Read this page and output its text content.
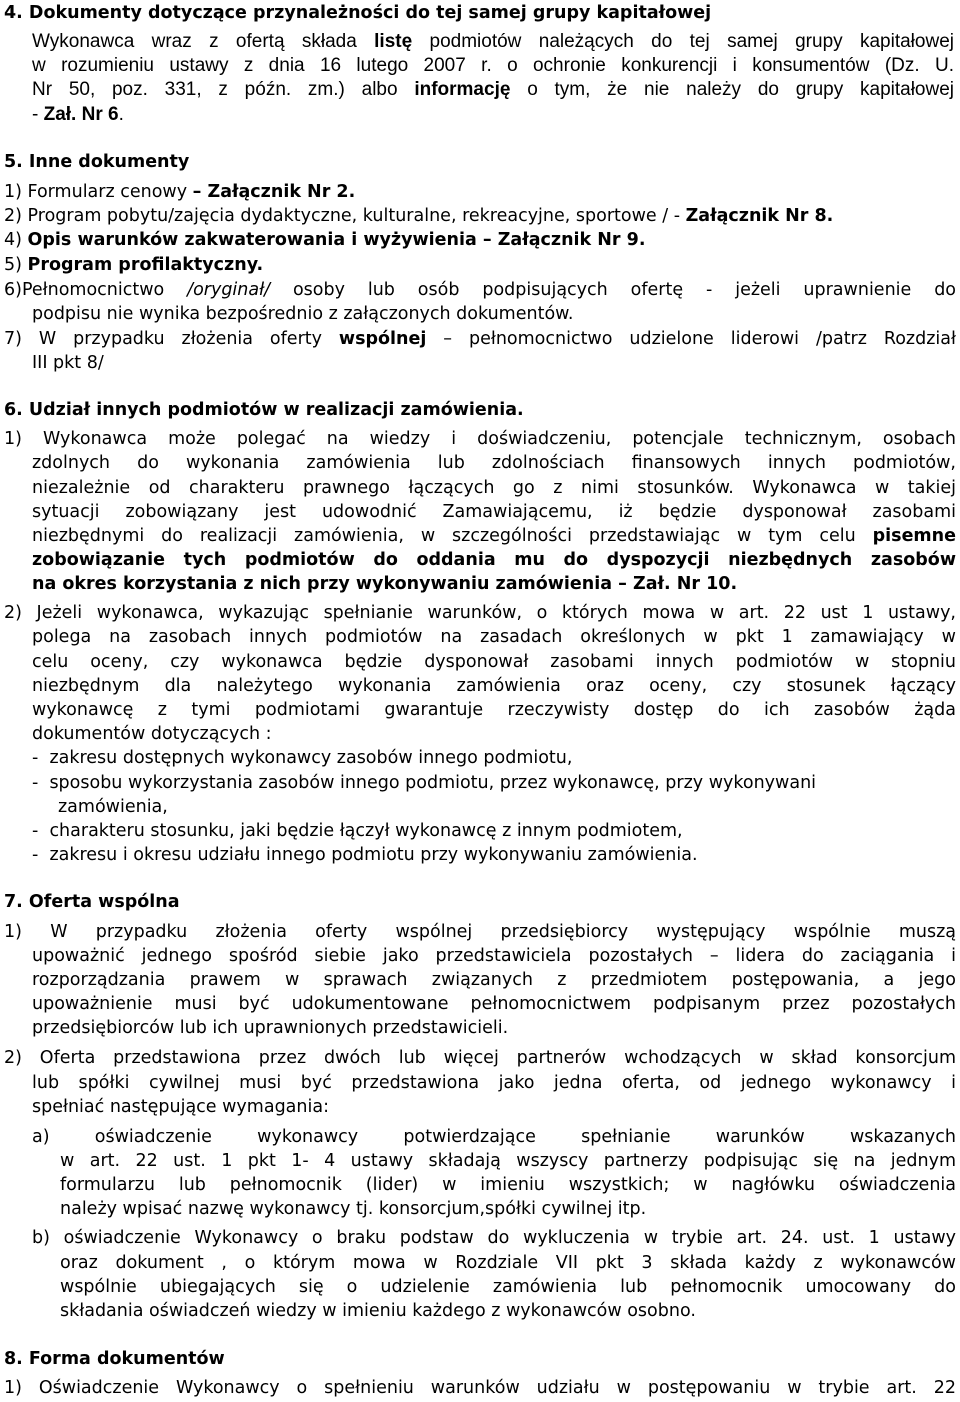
4. Dokumenty dotyczące przynależności do tej samej grupy kapitałowej
Wykonawca wraz z ofertą składa listę podmiotów należących do tej samej grupy kapitałowej
w rozumieniu ustawy z dnia 16 lutego 2007 r. o ochronie konkurencji i konsumentów (Dz. U.
Nr 50, poz. 331, z późn. zm.) albo informację o tym, że nie należy do grupy kapitałowej
- Zał. Nr 6.
5. Inne dokumenty
1) Formularz cenowy – Załącznik Nr 2.
2) Program pobytu/zajęcia dydaktyczne, kulturalne, rekreacyjne, sportowe / - Załącznik Nr 8.
4) Opis warunków zakwaterowania i wyżywienia – Załącznik Nr 9.
5) Program profilaktyczny.
6)Pełnomocnictwo /oryginał/ osoby lub osób podpisujących ofertę - jeżeli uprawnienie do
podpisu nie wynika bezpośrednio z załączonych dokumentów.
7) W przypadku złożenia oferty wspólnej – pełnomocnictwo udzielone liderowi /patrz Rozdział
III pkt 8/
6. Udział innych podmiotów w realizacji zamówienia.
1) Wykonawca może polegać na wiedzy i doświadczeniu, potencjale technicznym, osobach
zdolnych do wykonania zamówienia lub zdolnościach finansowych innych podmiotów,
niezależnie od charakteru prawnego łączących go z nimi stosunków. Wykonawca w takiej
sytuacji zobowiązany jest udowodnić Zamawiającemu, iż będzie dysponował zasobami
niezbędnymi do realizacji zamówienia, w szczególności przedstawiając w tym celu pisemne
zobowiązanie tych podmiotów do oddania mu do dyspozycji niezbędnych zasobów
na okres korzystania z nich przy wykonywaniu zamówienia – Zał. Nr 10.
2) Jeżeli wykonawca, wykazując spełnianie warunków, o których mowa w art. 22 ust 1 ustawy,
polega na zasobach innych podmiotów na zasadach określonych w pkt 1 zamawiający w
celu oceny, czy wykonawca będzie dysponował zasobami innych podmiotów w stopniu
niezbędnym dla należytego wykonania zamówienia oraz oceny, czy stosunek łączący
wykonawcę z tymi podmiotami gwarantuje rzeczywisty dostęp do ich zasobów żąda
dokumentów dotyczących :
-  zakresu dostępnych wykonawcy zasobów innego podmiotu,
-  sposobu wykorzystania zasobów innego podmiotu, przez wykonawcę, przy wykonywani
zamówienia,
-  charakteru stosunku, jaki będzie łączył wykonawcę z innym podmiotem,
-  zakresu i okresu udziału innego podmiotu przy wykonywaniu zamówienia.
7. Oferta wspólna
1) W przypadku złożenia oferty wspólnej przedsiębiorcy występujący wspólnie muszą
upoważnić jednego spośród siebie jako przedstawiciela pozostałych – lidera do zaciągania i
rozporządzania prawem w sprawach związanych z przedmiotem postępowania, a jego
upoważnienie musi być udokumentowane pełnomocnictwem podpisanym przez pozostałych
przedsiębiorców lub ich uprawnionych przedstawicieli.
2) Oferta przedstawiona przez dwóch lub więcej partnerów wchodzących w skład konsorcjum
lub spółki cywilnej musi być przedstawiona jako jedna oferta, od jednego wykonawcy i
spełniać następujące wymagania:
a) oświadczenie wykonawcy potwierdzające spełnianie warunków wskazanych
w art. 22 ust. 1 pkt 1- 4 ustawy składają wszyscy partnerzy podpisując się na jednym
formularzu lub pełnomocnik (lider) w imieniu wszystkich; w nagłówku oświadczenia
należy wpisać nazwę wykonawcy tj. konsorcjum,spółki cywilnej itp.
b) oświadczenie Wykonawcy o braku podstaw do wykluczenia w trybie art. 24. ust. 1 ustawy
oraz dokument , o którym mowa w Rozdziale VII pkt 3 składa każdy z wykonawców
wspólnie ubiegających się o udzielenie zamówienia lub pełnomocnik umocowany do
składania oświadczeń wiedzy w imieniu każdego z wykonawców osobno.
8. Forma dokumentów
1) Oświadczenie Wykonawcy o spełnieniu warunków udziału w postępowaniu w trybie art. 22
